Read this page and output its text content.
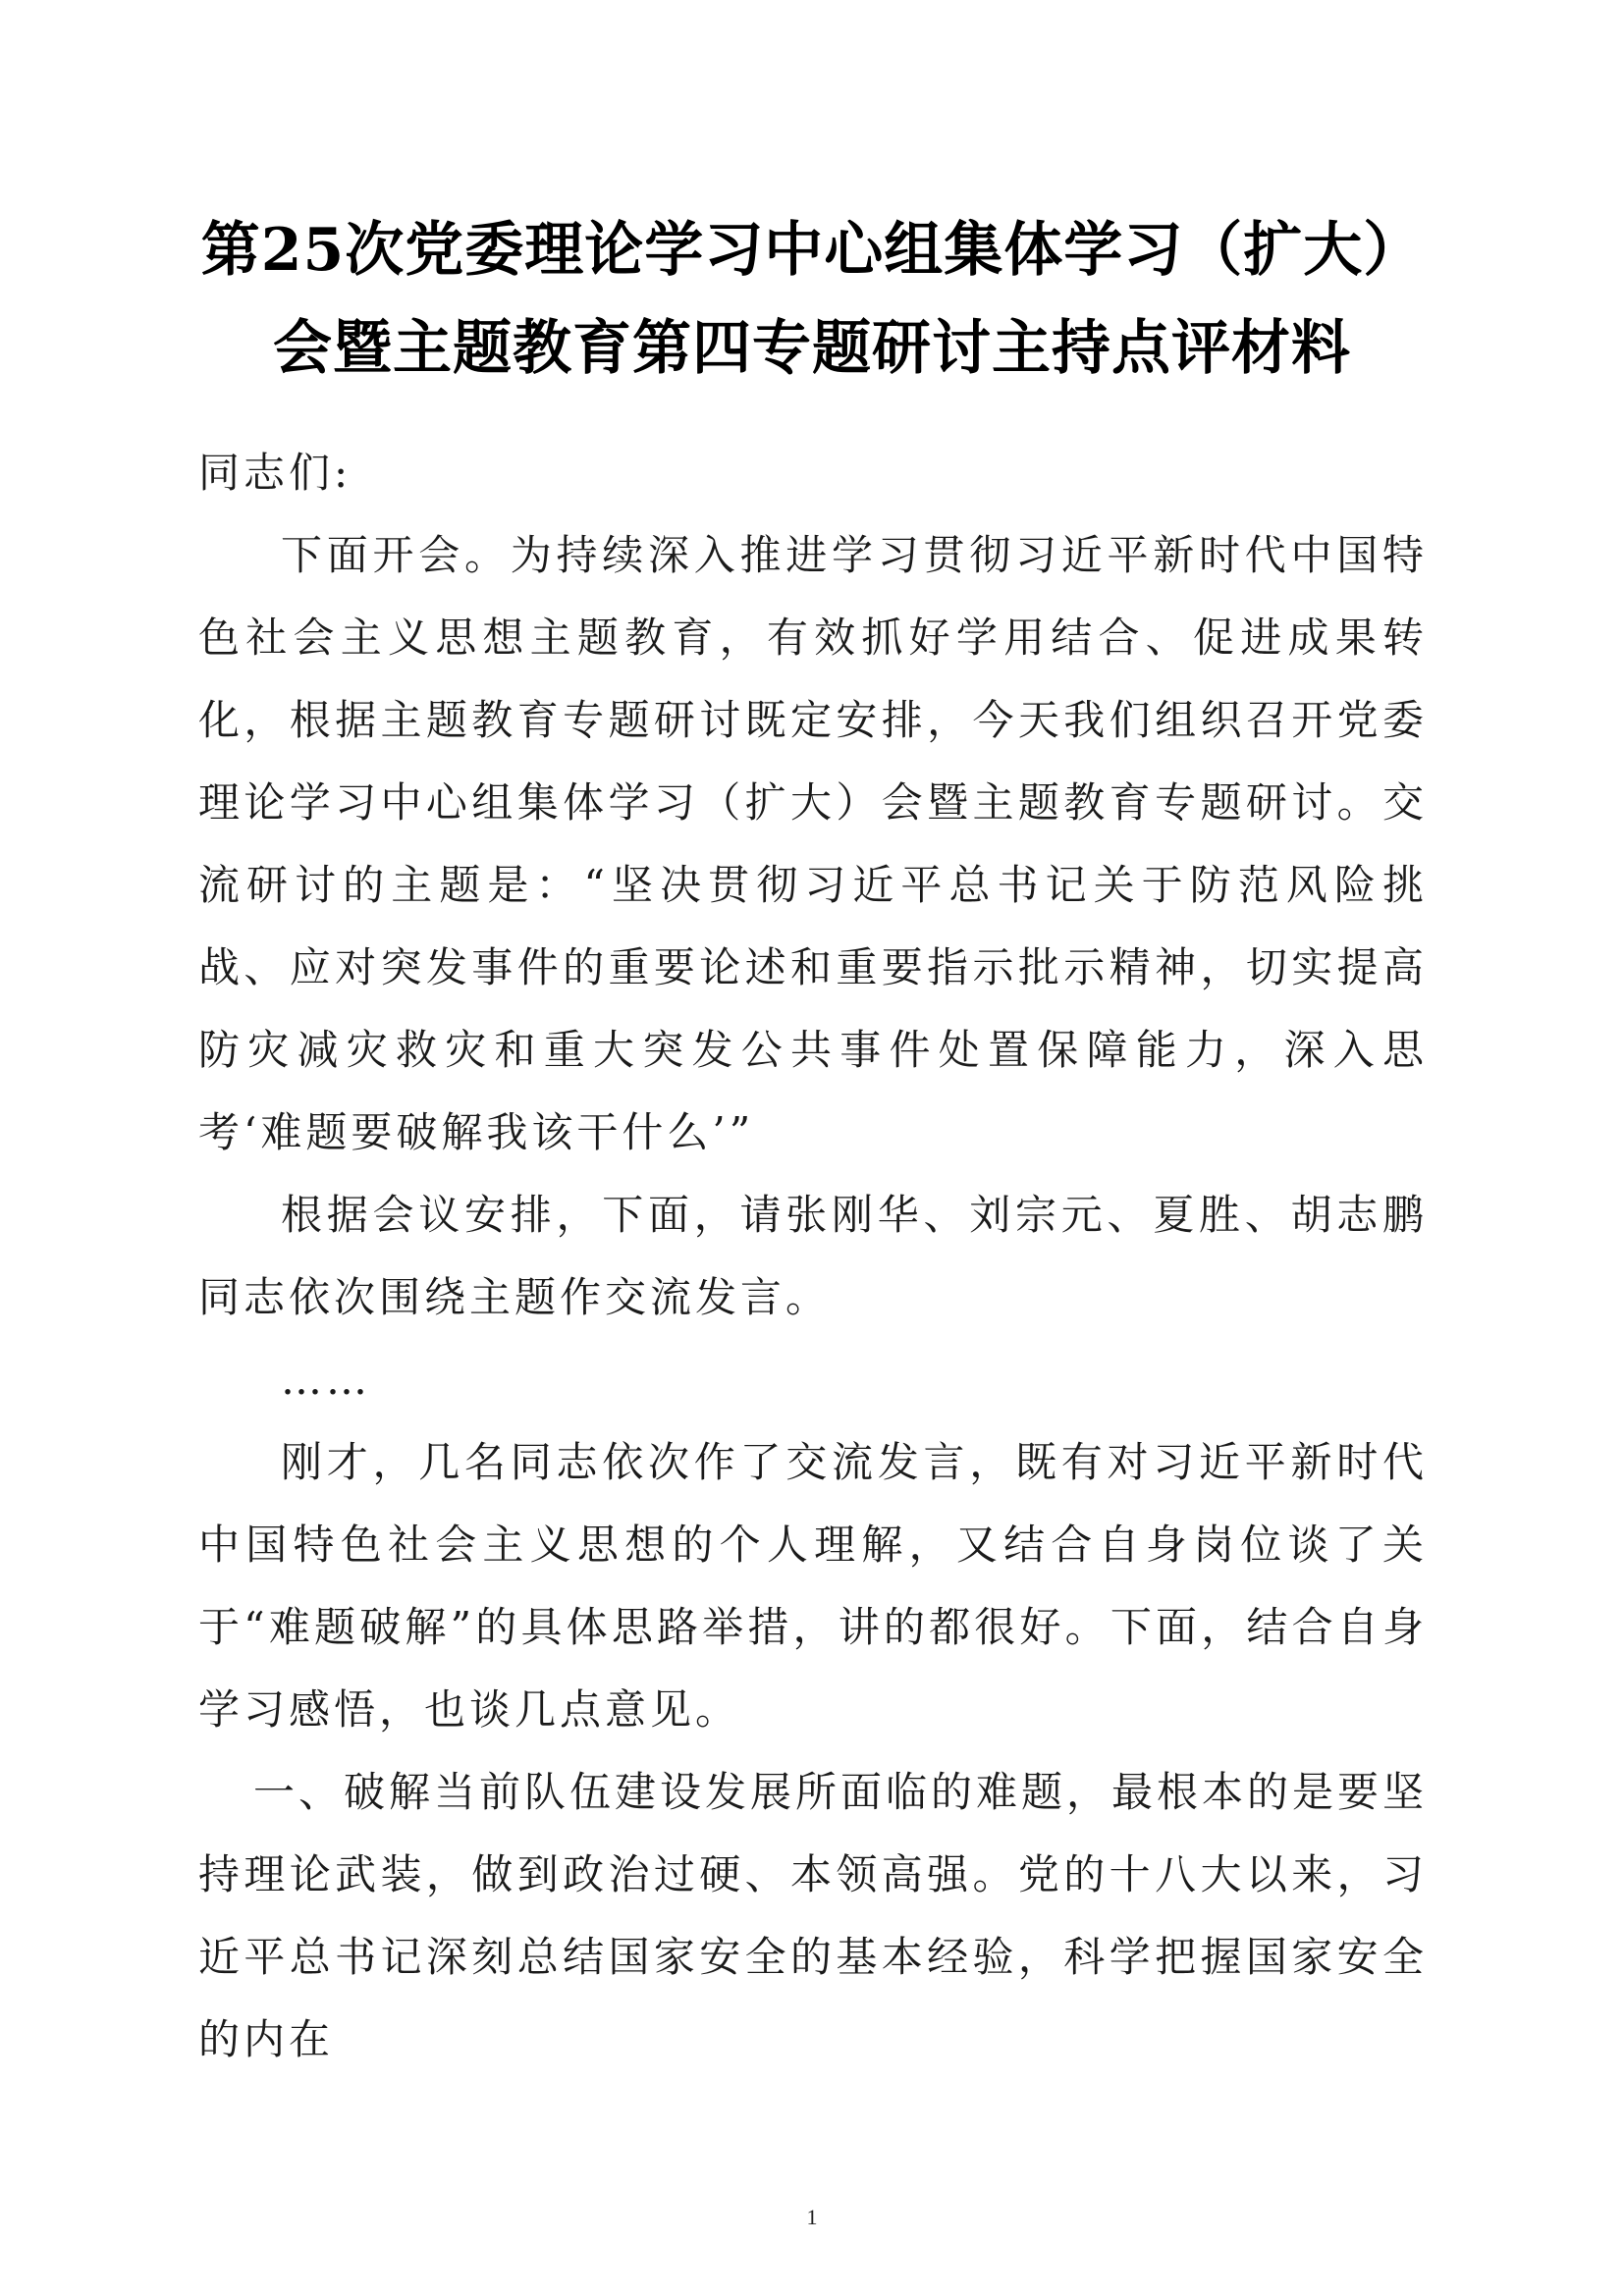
第25次党委理论学习中心组集体学习（扩大）
会暨主题教育第四专题研讨主持点评材料

同志们:

下面开会。为持续深入推进学习贯彻习近平新时代中国特色社会主义思想主题教育，有效抓好学用结合、促进成果转化，根据主题教育专题研讨既定安排，今天我们组织召开党委理论学习中心组集体学习（扩大）会暨主题教育专题研讨。交流研讨的主题是：“坚决贯彻习近平总书记关于防范风险挑战、应对突发事件的重要论述和重要指示批示精神，切实提高防灾减灾救灾和重大突发公共事件处置保障能力，深入思考‘难题要破解我该干什么’”

根据会议安排，下面，请张刚华、刘宗元、夏胜、胡志鹏同志依次围绕主题作交流发言。

……

刚才，几名同志依次作了交流发言，既有对习近平新时代中国特色社会主义思想的个人理解，又结合自身岗位谈了关于“难题破解”的具体思路举措，讲的都很好。下面，结合自身学习感悟，也谈几点意见。

一、破解当前队伍建设发展所面临的难题，最根本的是要坚持理论武装，做到政治过硬、本领高强。党的十八大以来，习近平总书记深刻总结国家安全的基本经验，科学把握国家安全的内在

1
